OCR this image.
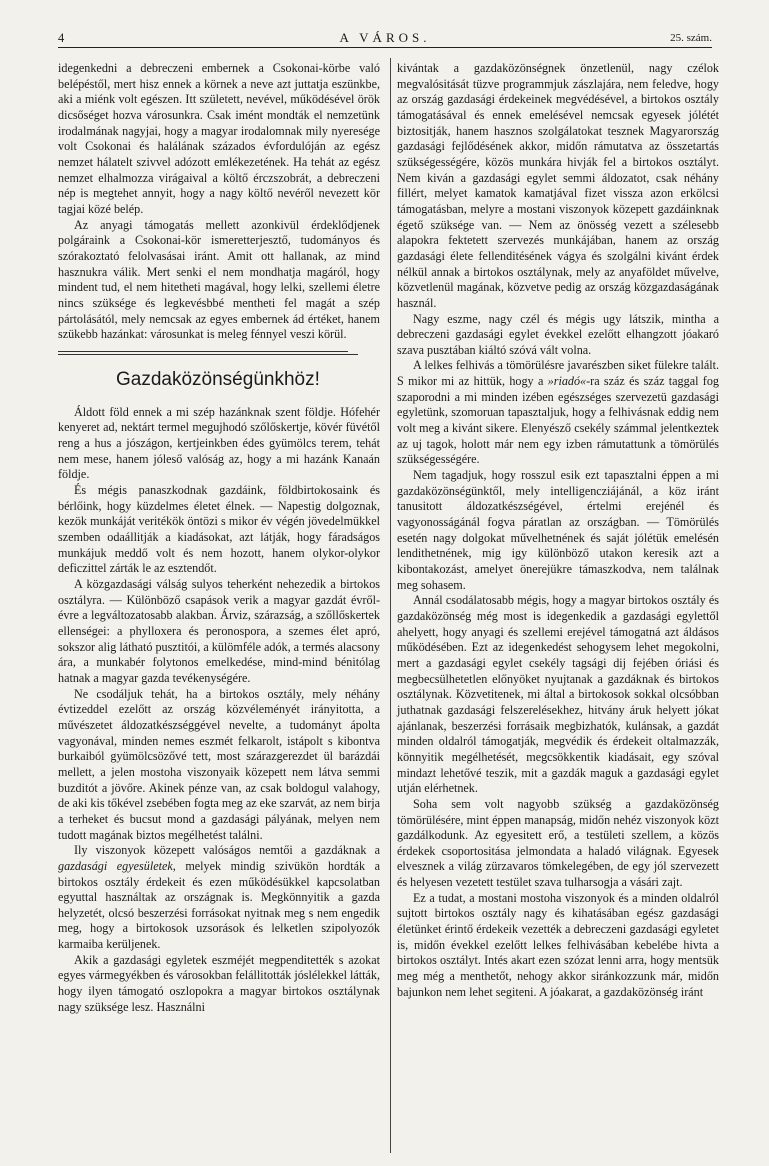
4	A VÁROS.	25. szám.

idegenkedni a debreczeni embernek a Csokonai-körbe való belépéstől, mert hisz ennek a körnek a neve azt juttatja eszünkbe, aki a miénk volt egészen. Itt született, nevével, működésével örök dicsőséget hozva városunkra. Csak imént mondták el nemzetünk irodalmának nagyjai, hogy a magyar irodalomnak mily nyeresége volt Csokonai és halálának százados évfordulóján az egész nemzet hálatelt szivvel adózott emlékezetének. Ha tehát az egész nemzet elhalmozza virágaival a költő érczszobrát, a debreczeni nép is megtehet annyit, hogy a nagy költő nevéről nevezett kör tagjai közé belép.

Az anyagi támogatás mellett azonkivül érdeklődjenek polgáraink a Csokonai-kör ismeretterjesztő, tudományos és szórakoztató felolvasásai iránt. Amit ott hallanak, az mind hasznukra válik. Mert senki el nem mondhatja magáról, hogy mindent tud, el nem hitetheti magával, hogy lelki, szellemi életre nincs szüksége és legkevésbbé mentheti fel magát a szép pártolásától, mely nemcsak az egyes embernek ád értéket, hanem szükebb hazánkat: városunkat is meleg fénnyel veszi körül.

Gazdaközönségünkhöz!

Áldott föld ennek a mi szép hazánknak szent földje. Hófehér kenyeret ad, nektárt termel megujhodó szőlőskertje, kövér füvétől reng a hus a jószágon, kertjeinkben édes gyümölcs terem, tehát nem mese, hanem jóleső valóság az, hogy a mi hazánk Kanaán földje.

És mégis panaszkodnak gazdáink, földbirtokosaink és bérlőink, hogy küzdelmes életet élnek. — Napestig dolgoznak, kezök munkáját veritékök öntözi s mikor év végén jövedelmükkel szemben odaállitják a kiadásokat, azt látják, hogy fáradságos munkájuk meddő volt és nem hozott, hanem olykor-olykor deficzittel zárták le az esztendőt.

A közgazdasági válság sulyos teherként nehezedik a birtokos osztályra. — Különböző csapások verik a magyar gazdát évről-évre a legváltozatosabb alakban. Árviz, szárazság, a szőllőskertek ellenségei: a phylloxera és peronospora, a szemes élet apró, sokszor alig látható pusztitói, a külömféle adók, a termés alacsony ára, a munkabér folytonos emelkedése, mind-mind bénitólag hatnak a magyar gazda tevékenységére.

Ne csodáljuk tehát, ha a birtokos osztály, mely néhány évtizeddel ezelőtt az ország közvéleményét irányitotta, a művészetet áldozatkészséggével nevelte, a tudományt ápolta vagyonával, minden nemes eszmét felkarolt, istápolt s kibontva burkaiból gyümölcsözővé tett, most szárazgerezdet ül barázdái mellett, a jelen mostoha viszonyaik közepett nem látva semmi buzditót a jövőre. Akinek pénze van, az csak boldogul valahogy, de aki kis tőkével zsebében fogta meg az eke szarvát, az nem birja a terheket és bucsut mond a gazdasági pályának, melyen nem tudott magának biztos megélhetést találni.

Ily viszonyok közepett valóságos nemtői a gazdáknak a gazdasági egyesületek, melyek mindig szivükön hordták a birtokos osztály érdekeit és ezen működésükkel kapcsolatban egyuttal használtak az országnak is. Megkönnyitik a gazda helyzetét, olcsó beszerzési forrásokat nyitnak meg s nem engedik meg, hogy a birtokosok uzsorások és lelketlen szipolyozók karmaiba kerüljenek.

Akik a gazdasági egyletek eszméjét megpenditették s azokat egyes vármegyékben és városokban felállitották jóslélekkel látták, hogy ilyen támogató oszlopokra a magyar birtokos osztálynak nagy szüksége lesz. Használni

kivántak a gazdaközönségnek önzetlenül, nagy czélok megvalósitását tüzve programmjuk zászlajára, nem feledve, hogy az ország gazdasági érdekeinek megvédésével, a birtokos osztály támogatásával és ennek emelésével nemcsak egyesek jólétét biztositják, hanem hasznos szolgálatokat tesznek Magyarország gazdasági fejlődésének akkor, midőn rámutatva az összetartás szükségességére, közös munkára hivják fel a birtokos osztályt. Nem kiván a gazdasági egylet semmi áldozatot, csak néhány fillért, melyet kamatok kamatjával fizet vissza azon erkölcsi támogatásban, melyre a mostani viszonyok közepett gazdáinknak égető szüksége van. — Nem az önösség vezett a szélesebb alapokra fektetett szervezés munkájában, hanem az ország gazdasági élete fellenditésének vágya és szolgálni kivánt érdek nélkül annak a birtokos osztálynak, mely az anyaföldet művelve, közvetlenül magának, közvetve pedig az ország közgazdaságának használ.

Nagy eszme, nagy czél és mégis ugy látszik, mintha a debreczeni gazdasági egylet évekkel ezelőtt elhangzott jóakaró szava pusztában kiáltó szóvá vált volna.

A lelkes felhivás a tömörülésre javarészben siket fülekre talált. S mikor mi az hittük, hogy a »riadó«-ra száz és száz taggal fog szaporodni a mi minden izében egészséges szervezetü gazdasági egyletünk, szomoruan tapasztaljuk, hogy a felhivásnak eddig nem volt meg a kivánt sikere. Elenyésző csekély számmal jelentkeztek az uj tagok, holott már nem egy izben rámutattunk a tömörülés szükségességére.

Nem tagadjuk, hogy rosszul esik ezt tapasztalni éppen a mi gazdaközönségünktől, mely intelligencziájánál, a köz iránt tanusitott áldozatkészségével, értelmi erejénél és vagyonosságánál fogva páratlan az országban. — Tömörülés esetén nagy dolgokat művelhetnének és saját jólétük emelésén lendithetnének, mig igy különböző utakon keresik azt a kibontakozást, amelyet önerejükre támaszkodva, nem találnak meg sohasem.

Annál csodálatosabb mégis, hogy a magyar birtokos osztály és gazdaközönség még most is idegenkedik a gazdasági egylettől ahelyett, hogy anyagi és szellemi erejével támogatná azt áldásos működésében. Ezt az idegenkedést sehogysem lehet megokolni, mert a gazdasági egylet csekély tagsági dij fejében óriási és megbecsülhetetlen előnyöket nyujtanak a gazdáknak és birtokos osztálynak. Közvetitenek, mi által a birtokosok sokkal olcsóbban juthatnak gazdasági felszerelésekhez, hitvány áruk helyett jókat ajánlanak, beszerzési forrásaik megbizhatók, kulánsak, a gazdát minden oldalról támogatják, megvédik és érdekeit oltalmazzák, könnyitik megélhetését, megcsökkentik kiadásait, egy szóval mindazt lehetővé teszik, mit a gazdák maguk a gazdasági egylet utján elérhetnek.

Soha sem volt nagyobb szükség a gazdaközönség tömörülésére, mint éppen manapság, midőn nehéz viszonyok közt gazdálkodunk. Az egyesitett erő, a testületi szellem, a közös érdekek csoportositása jelmondata a haladó világnak. Egyesek elvesznek a világ zürzavaros tömkelegében, de egy jól szervezett és helyesen vezetett testület szava tulharsogja a vásári zajt.

Ez a tudat, a mostani mostoha viszonyok és a minden oldalról sujtott birtokos osztály nagy és kihatásában egész gazdasági életünket érintő érdekeik vezették a debreczeni gazdasági egyletet is, midőn évekkel ezelőtt lelkes felhivásában kebelébe hivta a birtokos osztályt. Intés akart ezen szózat lenni arra, hogy mentsük meg még a menthetőt, nehogy akkor siránkozzunk már, midőn bajunkon nem lehet segiteni. A jóakarat, a gazdaközönség iránt
